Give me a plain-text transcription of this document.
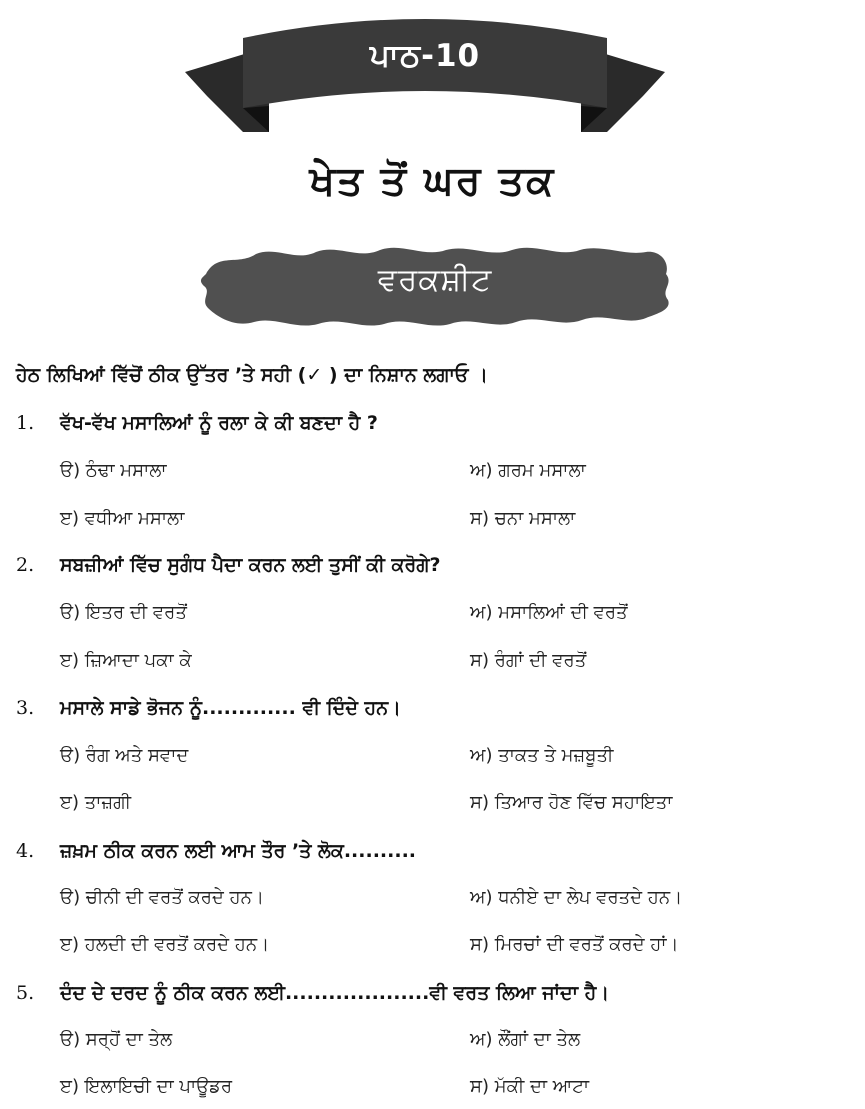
ਪਾਠ-10
ਖੇਤ ਤੋਂ ਘਰ ਤਕ
ਵਰਕਸ਼ੀਟ
ਹੇਠ ਲਿਖਿਆਂ ਵਿੱਚੋਂ ਠੀਕ ਉੱਤਰ ’ਤੇ ਸਹੀ (✓ ) ਦਾ ਨਿਸ਼ਾਨ ਲਗਾਓ ।
1. ਵੱਖ-ਵੱਖ ਮਸਾਲਿਆਂ ਨੂੰ ਰਲਾ ਕੇ ਕੀ ਬਣਦਾ ਹੈ ?
ੳ) ਠੰਢਾ ਮਸਾਲਾ	ਅ) ਗਰਮ ਮਸਾਲਾ
ੲ) ਵਧੀਆ ਮਸਾਲਾ	ਸ) ਚਨਾ ਮਸਾਲਾ
2. ਸਬਜ਼ੀਆਂ ਵਿੱਚ ਸੁਗੰਧ ਪੈਦਾ ਕਰਨ ਲਈ ਤੁਸੀਂ ਕੀ ਕਰੋਗੇ?
ੳ) ਇਤਰ ਦੀ ਵਰਤੋਂ	ਅ) ਮਸਾਲਿਆਂ ਦੀ ਵਰਤੋਂ
ੲ) ਜ਼ਿਆਦਾ ਪਕਾ ਕੇ	ਸ) ਰੰਗਾਂ ਦੀ ਵਰਤੋਂ
3. ਮਸਾਲੇ ਸਾਡੇ ਭੋਜਨ ਨੂੰ............. ਵੀ ਦਿੰਦੇ ਹਨ।
ੳ) ਰੰਗ ਅਤੇ ਸਵਾਦ	ਅ) ਤਾਕਤ ਤੇ ਮਜ਼ਬੂਤੀ
ੲ) ਤਾਜ਼ਗੀ	ਸ) ਤਿਆਰ ਹੋਣ ਵਿੱਚ ਸਹਾਇਤਾ
4. ਜ਼ਖ਼ਮ ਠੀਕ ਕਰਨ ਲਈ ਆਮ ਤੌਰ ’ਤੇ ਲੋਕ..........
ੳ) ਚੀਨੀ ਦੀ ਵਰਤੋਂ ਕਰਦੇ ਹਨ।	ਅ) ਧਨੀਏ ਦਾ ਲੇਪ ਵਰਤਦੇ ਹਨ।
ੲ) ਹਲਦੀ ਦੀ ਵਰਤੋਂ ਕਰਦੇ ਹਨ।	ਸ) ਮਿਰਚਾਂ ਦੀ ਵਰਤੋਂ ਕਰਦੇ ਹਾਂ।
5. ਦੰਦ ਦੇ ਦਰਦ ਨੂੰ ਠੀਕ ਕਰਨ ਲਈ....................ਵੀ ਵਰਤ ਲਿਆ ਜਾਂਦਾ ਹੈ।
ੳ) ਸਰ੍ਹੋਂ ਦਾ ਤੇਲ	ਅ) ਲੌਂਗਾਂ ਦਾ ਤੇਲ
ੲ) ਇਲਾਇਚੀ ਦਾ ਪਾਊਡਰ	ਸ) ਮੱਕੀ ਦਾ ਆਟਾ
